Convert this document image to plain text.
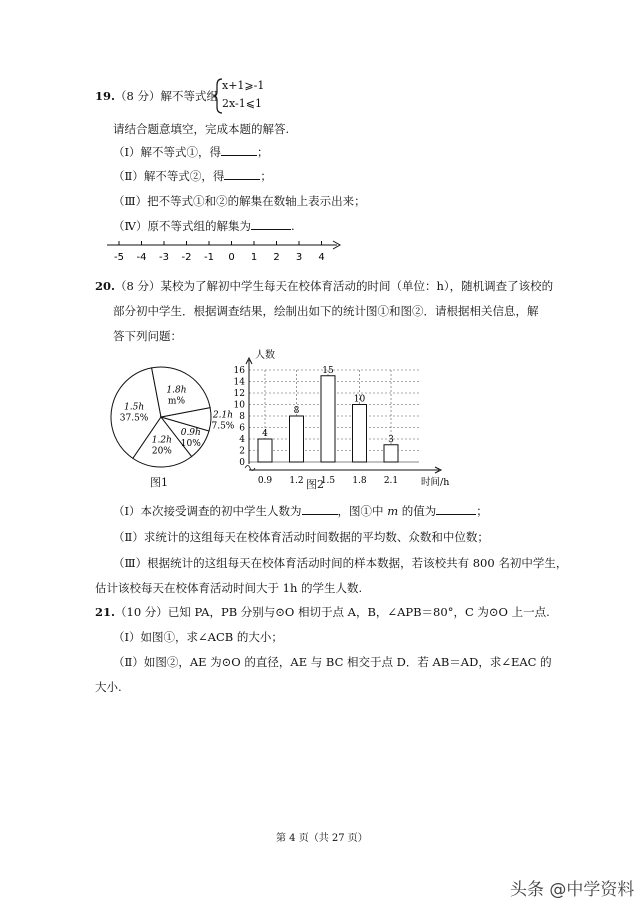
19.（8 分）解不等式组
x+1⩾-1
2x-1⩽1
请结合题意填空，完成本题的解答.
（Ⅰ）解不等式①，得	；
（Ⅱ）解不等式②，得	；
（Ⅲ）把不等式①和②的解集在数轴上表示出来；
（Ⅳ）原不等式组的解集为	.
-5 -4 -3 -2 -1 0 1 2 3 4
20.（8 分）某校为了解初中学生每天在校体育活动的时间（单位：h），随机调查了该校的
部分初中学生．根据调查结果，绘制出如下的统计图①和图②．请根据相关信息，解
答下列问题：
1.5h
37.5%
1.2h
20%
0.9h
10%
2.1h
7.5%
1.8h
m%
图1
人数
时间/h
4
8
15
10
3
0
2
4
6
8
10
12
14
16
0.9 1.2 1.5 1.8 2.1
图2
（Ⅰ）本次接受调查的初中学生人数为	，图①中 m 的值为	；
（Ⅱ）求统计的这组每天在校体育活动时间数据的平均数、众数和中位数；
（Ⅲ）根据统计的这组每天在校体育活动时间的样本数据，若该校共有 800 名初中学生，
估计该校每天在校体育活动时间大于 1h 的学生人数.
21.（10 分）已知 PA，PB 分别与⊙O 相切于点 A，B，∠APB＝80°，C 为⊙O 上一点.
（Ⅰ）如图①，求∠ACB 的大小；
（Ⅱ）如图②，AE 为⊙O 的直径，AE 与 BC 相交于点 D．若 AB＝AD，求∠EAC 的
大小.
第 4 页（共 27 页）
头条 @中学资料
